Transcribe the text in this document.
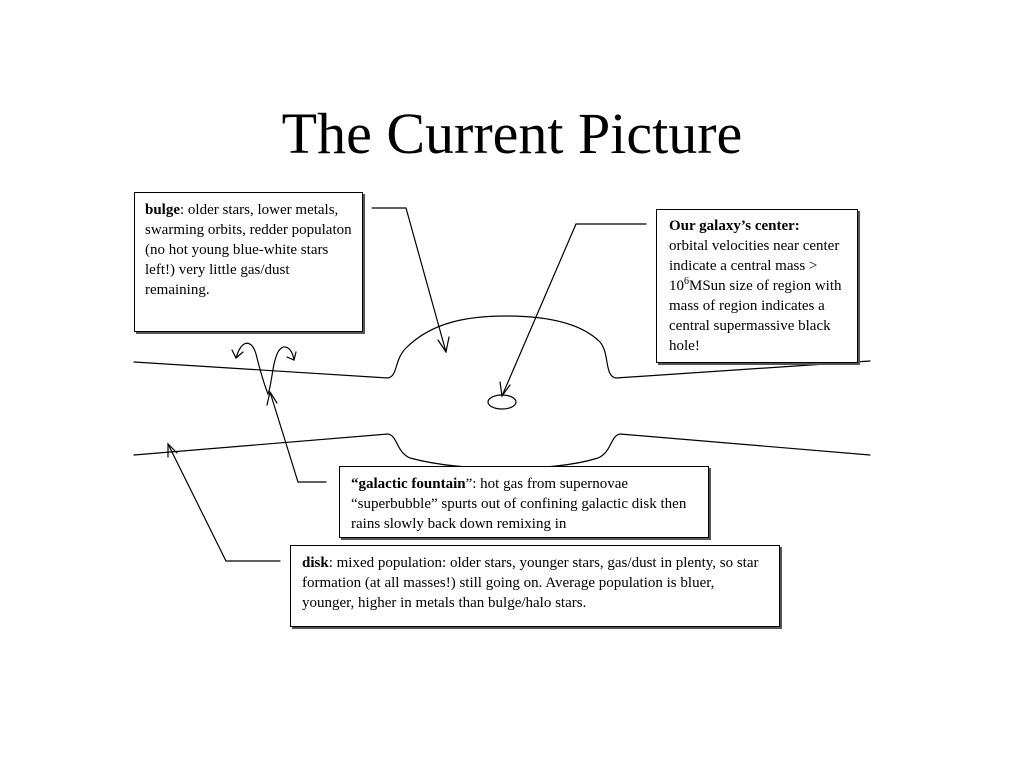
The Current Picture
bulge: older stars, lower metals, swarming orbits, redder populaton (no hot young blue-white stars left!) very little gas/dust remaining.
Our galaxy’s center:
orbital velocities near center indicate a central mass > $10^6MSun$ size of region with mass of region indicates a central supermassive black hole!
“galactic fountain”: hot gas from supernovae “superbubble” spurts out of confining galactic disk then rains slowly back down remixing in
disk: mixed population: older stars, younger stars, gas/dust in plenty, so star formation (at all masses!) still going on. Average population is bluer, younger, higher in metals than bulge/halo stars.
